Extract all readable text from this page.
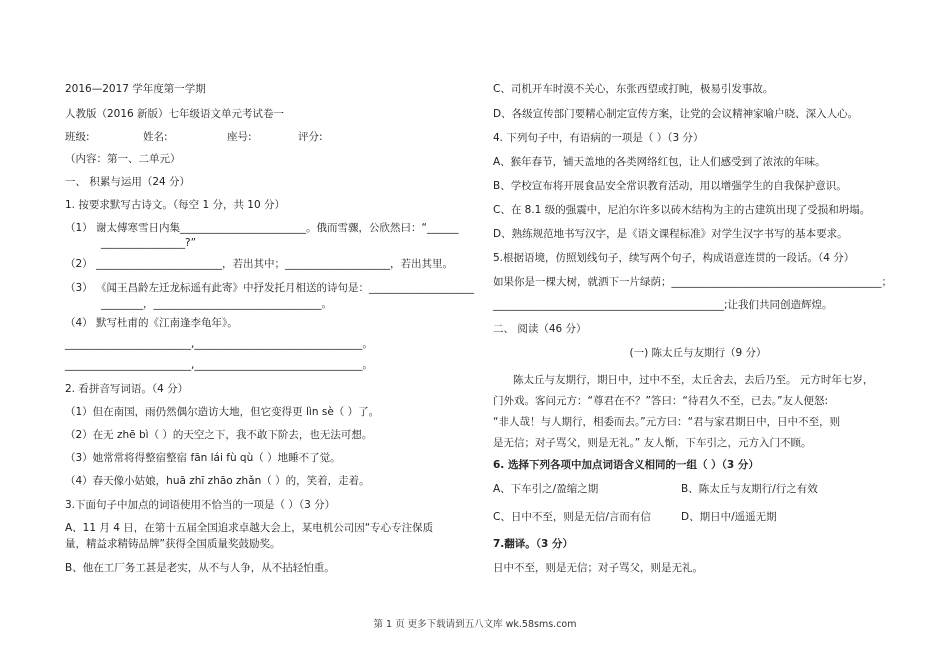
2016—2017 学年度第一学期
人教版（2016 新版）七年级语文单元考试卷一
班级:	姓名:	座号:	评分:
（内容：第一、二单元）
一、 积累与运用（24 分）
1. 按要求默写古诗文。（每空 1 分，共 10 分）
（1） 谢太傅寒雪日内集________________________。俄而雪骤，公欣然曰：“______
________________?”
（2） ________________________，若出其中；____________________，若出其里。
（3） 《闻王昌龄左迁龙标遥有此寄》中抒发托月相送的诗句是：____________________
________，________________________________。
（4） 默写杜甫的《江南逢李龟年》。
________________________,________________________________。
________________________,________________________________。
2. 看拼音写词语。（4 分）
（1）但在南国，雨仍然偶尔造访大地，但它变得更 lìn sè（ ）了。
（2）在无 zhē bì（ ）的天空之下，我不敢下阶去，也无法可想。
（3）她常常将得整宿整宿 fān lái fù qù（ ）地睡不了觉。
（4）春天像小姑娘，huā zhī zhāo zhǎn（ ）的，笑着，走着。
3.下面句子中加点的词语使用不恰当的一项是（ ）（3 分）
A、11 月 4 日，在第十五届全国追求卓越大会上，某电机公司因“专心专注保质
量，精益求精铸品牌”获得全国质量奖鼓励奖。
B、他在工厂务工甚是老实，从不与人争，从不拈轻怕重。
C、司机开车时漠不关心，东张西望或打盹，极易引发事故。
D、各级宣传部门要精心制定宣传方案，让党的会议精神家喻户晓、深入人心。
4. 下列句子中，有语病的一项是（ ）（3 分）
A、猴年春节，铺天盖地的各类网络红包，让人们感受到了浓浓的年味。
B、学校宣布将开展食品安全常识教育活动，用以增强学生的自我保护意识。
C、在 8.1 级的强震中，尼泊尔许多以砖木结构为主的古建筑出现了受损和坍塌。
D、熟练规范地书写汉字，是《语文课程标准》对学生汉字书写的基本要求。
5.根据语境，仿照划线句子，续写两个句子，构成语意连贯的一段话。（4 分）
如果你是一棵大树，就洒下一片绿荫；________________________________________；
____________________________________________;让我们共同创造辉煌。
二、 阅读（46 分）
(一) 陈太丘与友期行（9 分）
陈太丘与友期行，期日中，过中不至，太丘舍去，去后乃至。 元方时年七岁，
门外戏。客问元方：“尊君在不？”答曰：“待君久不至，已去。”友人便怒:
“非人哉！与人期行，相委而去。”元方曰：“君与家君期日中，日中不至，则
是无信；对子骂父，则是无礼。” 友人惭，下车引之，元方入门不顾。
6. 选择下列各项中加点词语含义相同的一组（ ）（3 分）
A、下车引之/盈缩之期	B、陈太丘与友期行/行之有效
C、日中不至，则是无信/言而有信	D、期日中/遥遥无期
7.翻译。（3 分）
日中不至，则是无信；对子骂父，则是无礼。
第 1 页 更多下载请到五八文库 wk.58sms.com
